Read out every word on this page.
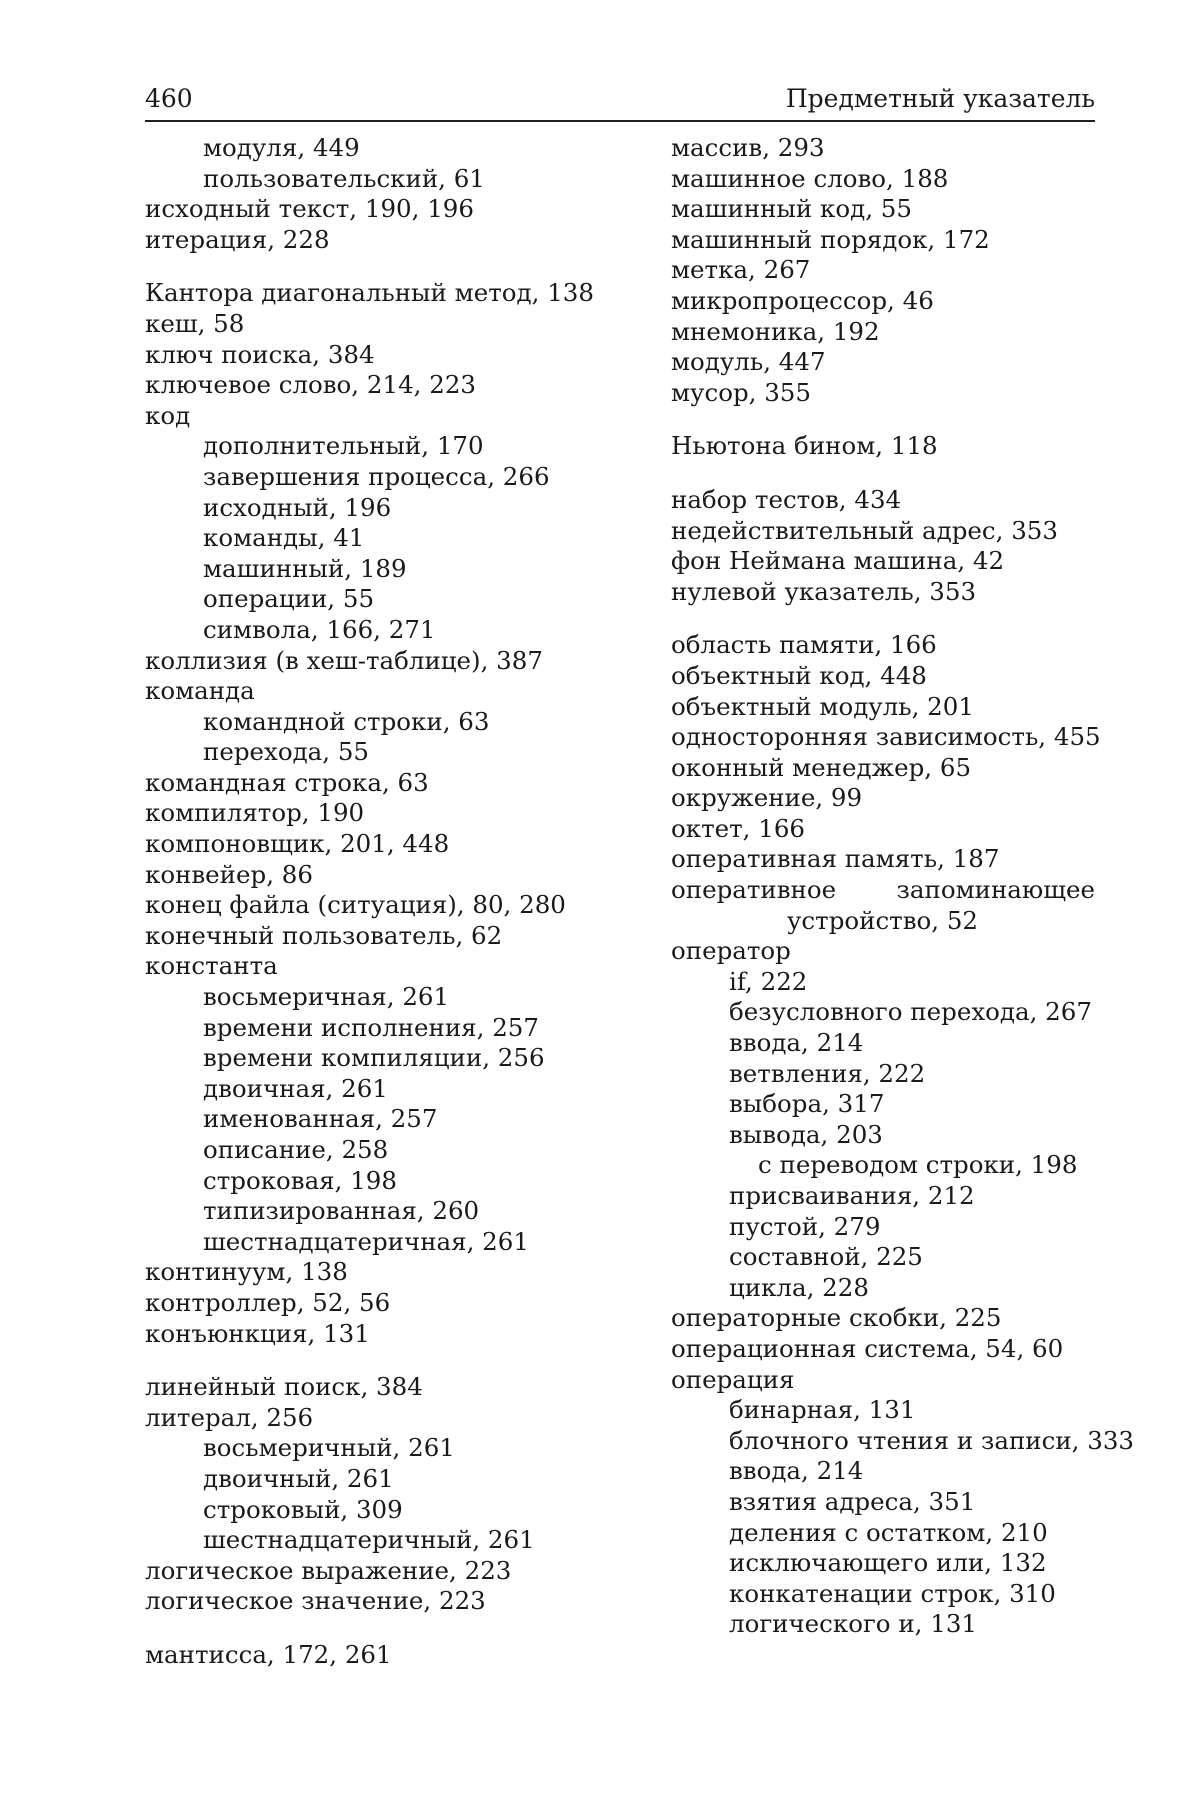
460	Предметный указатель
модуля, 449
пользовательский, 61
исходный текст, 190, 196
итерация, 228
Кантора диагональный метод, 138
кеш, 58
ключ поиска, 384
ключевое слово, 214, 223
код
дополнительный, 170
завершения процесса, 266
исходный, 196
команды, 41
машинный, 189
операции, 55
символа, 166, 271
коллизия (в хеш-таблице), 387
команда
командной строки, 63
перехода, 55
командная строка, 63
компилятор, 190
компоновщик, 201, 448
конвейер, 86
конец файла (ситуация), 80, 280
конечный пользователь, 62
константа
восьмеричная, 261
времени исполнения, 257
времени компиляции, 256
двоичная, 261
именованная, 257
описание, 258
строковая, 198
типизированная, 260
шестнадцатеричная, 261
континуум, 138
контроллер, 52, 56
конъюнкция, 131
линейный поиск, 384
литерал, 256
восьмеричный, 261
двоичный, 261
строковый, 309
шестнадцатеричный, 261
логическое выражение, 223
логическое значение, 223
мантисса, 172, 261
массив, 293
машинное слово, 188
машинный код, 55
машинный порядок, 172
метка, 267
микропроцессор, 46
мнемоника, 192
модуль, 447
мусор, 355
Ньютона бином, 118
набор тестов, 434
недействительный адрес, 353
фон Неймана машина, 42
нулевой указатель, 353
область памяти, 166
объектный код, 448
объектный модуль, 201
односторонняя зависимость, 455
оконный менеджер, 65
окружение, 99
октет, 166
оперативная память, 187
оперативное запоминающее
устройство, 52
оператор
if, 222
безусловного перехода, 267
ввода, 214
ветвления, 222
выбора, 317
вывода, 203
с переводом строки, 198
присваивания, 212
пустой, 279
составной, 225
цикла, 228
операторные скобки, 225
операционная система, 54, 60
операция
бинарная, 131
блочного чтения и записи, 333
ввода, 214
взятия адреса, 351
деления с остатком, 210
исключающего или, 132
конкатенации строк, 310
логического и, 131
